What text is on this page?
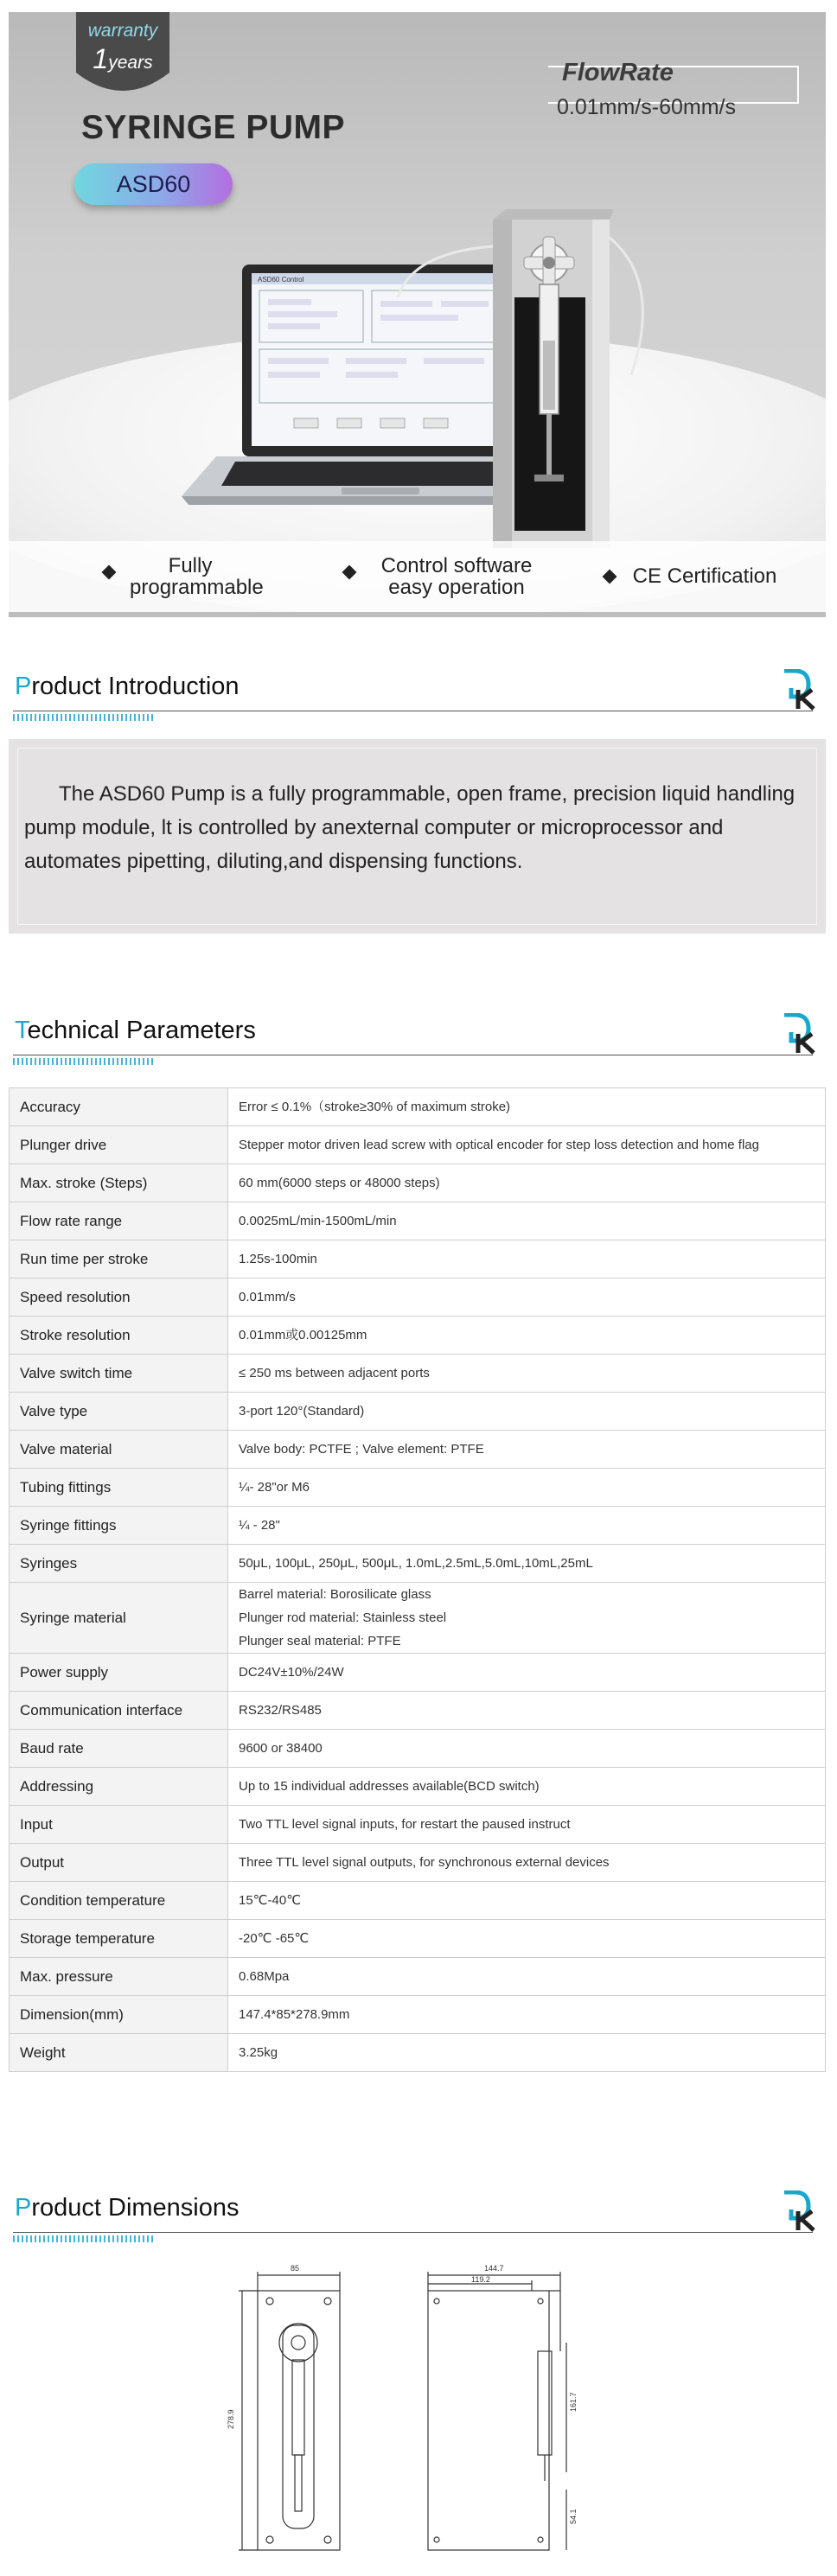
warranty
1years
SYRINGE PUMP
ASD60
FlowRate
0.01mm/s-60mm/s
ASD60 Control
Fully
programmable
Control software
easy operation	CE Certification
Product Introduction

The ASD60 Pump is a fully programmable, open frame, precision liquid handling pump module, lt is controlled by anexternal computer or microprocessor and automates pipetting, diluting,and dispensing functions.

Technical Parameters
Accuracy	Error ≤ 0.1%（stroke≥30% of maximum stroke)
Plunger drive	Stepper motor driven lead screw with optical encoder for step loss detection and home flag
Max. stroke (Steps)	60 mm(6000 steps or 48000 steps)
Flow rate range	0.0025mL/min-1500mL/min
Run time per stroke	1.25s-100min
Speed resolution	0.01mm/s
Stroke resolution	0.01mm或0.00125mm
Valve switch time	≤ 250 ms between adjacent ports
Valve type	3-port 120°(Standard)
Valve material	Valve body: PCTFE ; Valve element: PTFE
Tubing fittings	¼- 28"or M6
Syringe fittings	¼ - 28"
Syringes	50μL, 100μL, 250μL, 500μL, 1.0mL,2.5mL,5.0mL,10mL,25mL
Syringe material	Barrel material: Borosilicate glass
Plunger rod material: Stainless steel
Plunger seal material: PTFE

Power supply	DC24V±10%/24W
Communication interface	RS232/RS485
Baud rate	9600 or 38400
Addressing	Up to 15 individual addresses available(BCD switch)
Input	Two TTL level signal inputs, for restart the paused instruct
Output	Three TTL level signal outputs, for synchronous external devices
Condition temperature	15℃-40℃
Storage temperature	-20℃ -65℃
Max. pressure	0.68Mpa
Dimension(mm)	147.4*85*278.9mm
Weight	3.25kg
Product Dimensions
85
278.9
144.7
119.2
161.7
54.1
